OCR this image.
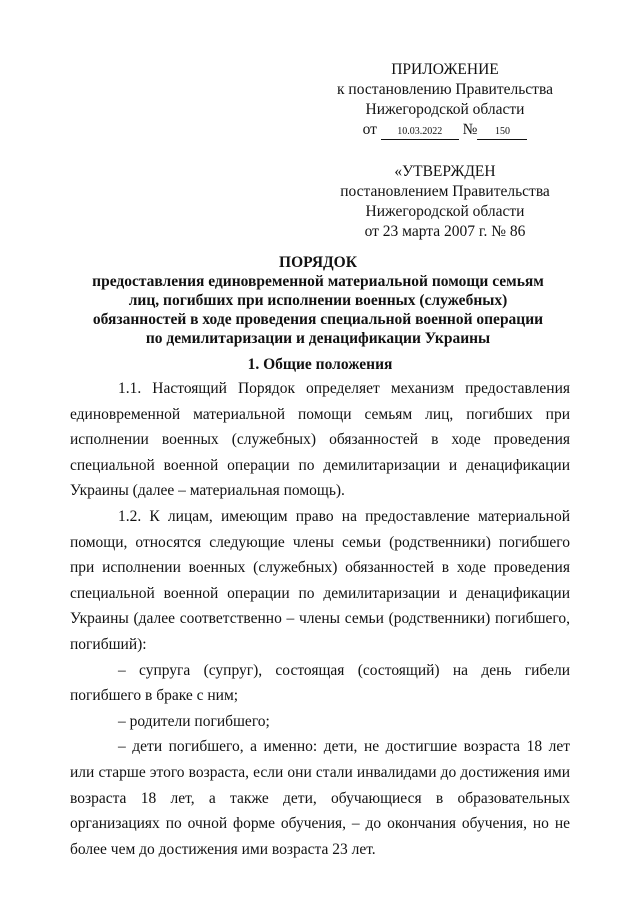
ПРИЛОЖЕНИЕ
к постановлению Правительства
Нижегородской области
от 10.03.2022 № 150
«УТВЕРЖДЕН
постановлением Правительства
Нижегородской области
от 23 марта 2007 г. № 86
ПОРЯДОК
предоставления единовременной материальной помощи семьям лиц, погибших при исполнении военных (служебных) обязанностей в ходе проведения специальной военной операции по демилитаризации и денацификации Украины
1. Общие положения

1.1. Настоящий Порядок определяет механизм предоставления единовременной материальной помощи семьям лиц, погибших при исполнении военных (служебных) обязанностей в ходе проведения специальной военной операции по демилитаризации и денацификации Украины (далее – материальная помощь).

1.2. К лицам, имеющим право на предоставление материальной помощи, относятся следующие члены семьи (родственники) погибшего при исполнении военных (служебных) обязанностей в ходе проведения специальной военной операции по демилитаризации и денацификации Украины (далее соответственно – члены семьи (родственники) погибшего, погибший):

– супруга (супруг), состоящая (состоящий) на день гибели погибшего в браке с ним;

– родители погибшего;

– дети погибшего, а именно: дети, не достигшие возраста 18 лет или старше этого возраста, если они стали инвалидами до достижения ими возраста 18 лет, а также дети, обучающиеся в образовательных организациях по очной форме обучения, – до окончания обучения, но не более чем до достижения ими возраста 23 лет.
